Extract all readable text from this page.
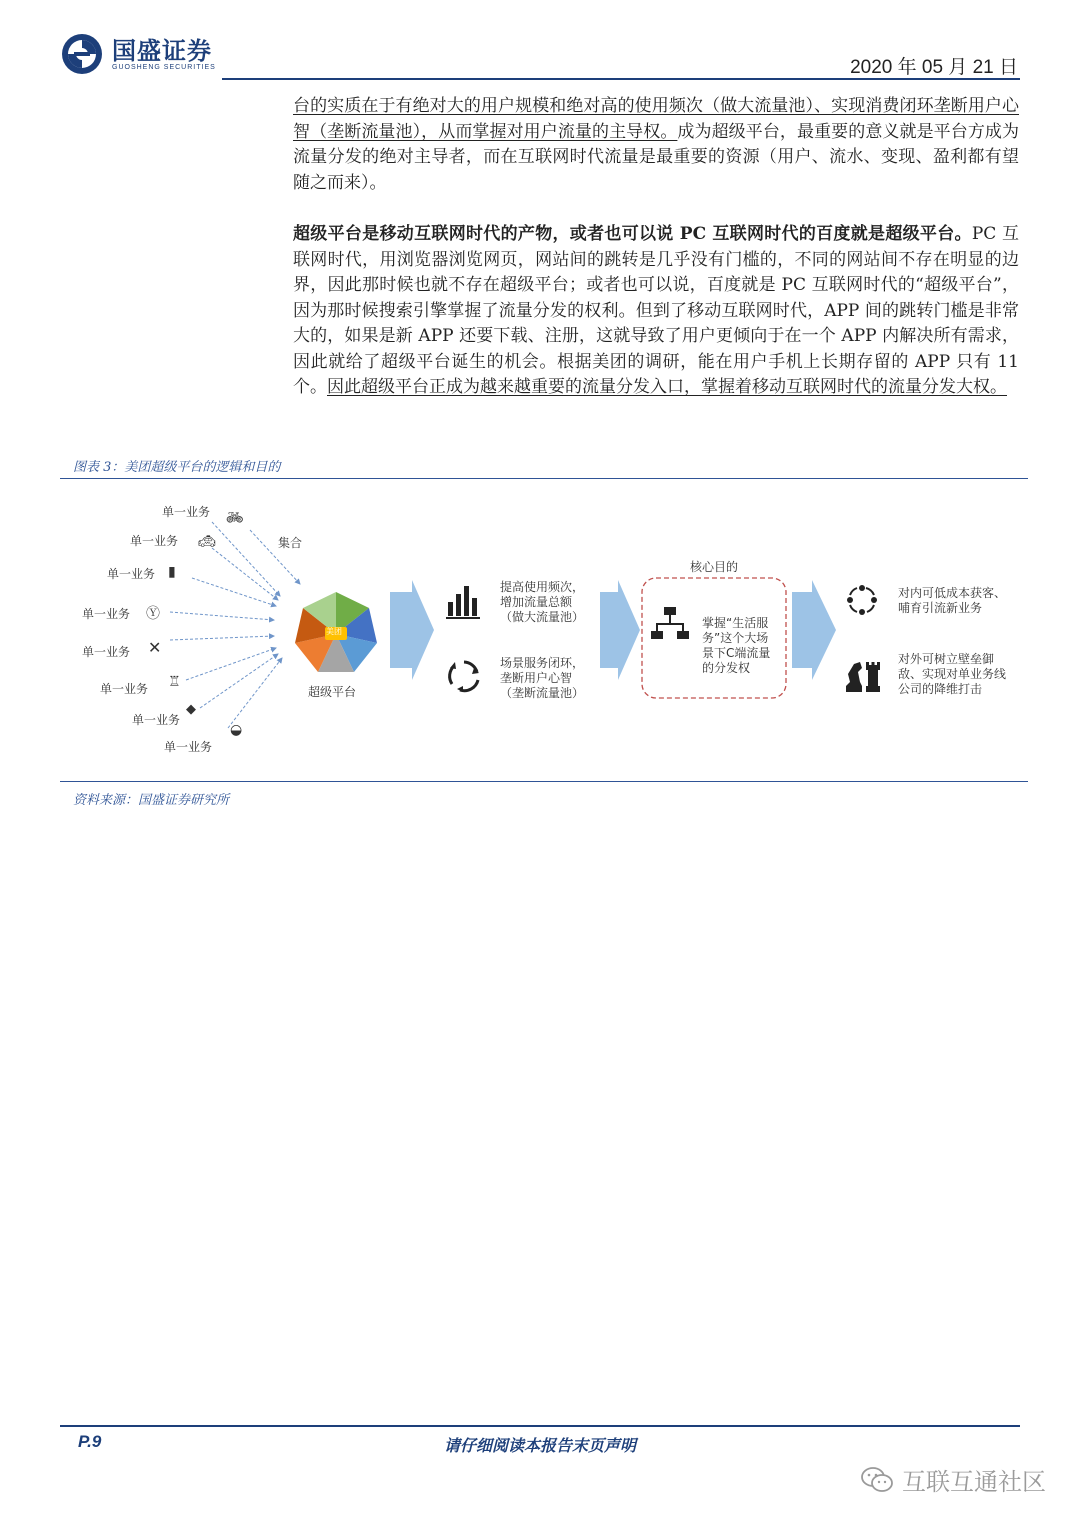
国盛证券
GUOSHENG SECURITIES	2020 年 05 月 21 日
台的实质在于有绝对大的用户规模和绝对高的使用频次（做大流量池）、实现消费闭环垄断用户心智（垄断流量池），从而掌握对用户流量的主导权。成为超级平台，最重要的意义就是平台方成为流量分发的绝对主导者，而在互联网时代流量是最重要的资源（用户、流水、变现、盈利都有望随之而来）。
超级平台是移动互联网时代的产物，或者也可以说 PC 互联网时代的百度就是超级平台。PC 互联网时代，用浏览器浏览网页，网站间的跳转是几乎没有门槛的，不同的网站间不存在明显的边界，因此那时候也就不存在超级平台；或者也可以说，百度就是 PC 互联网时代的“超级平台”，因为那时候搜索引擎掌握了流量分发的权利。但到了移动互联网时代，APP 间的跳转门槛是非常大的，如果是新 APP 还要下载、注册，这就导致了用户更倾向于在一个 APP 内解决所有需求，因此就给了超级平台诞生的机会。根据美团的调研，能在用户手机上长期存留的 APP 只有 11 个。因此超级平台正成为越来越重要的流量分发入口，掌握着移动互联网时代的流量分发大权。
图表 3：美团超级平台的逻辑和目的
单一业务
单一业务
单一业务
单一业务
单一业务
单一业务
单一业务
单一业务
🚲︎
🚕︎
▮
Ⓨ
✕
♖
◆
◒
集合
美团
超级平台
提高使用频次，增加流量总额（做大流量池）
场景服务闭环，垄断用户心智（垄断流量池）
核心目的
掌握“生活服务”这个大场景下C端流量的分发权
对内可低成本获客、哺育引流新业务
对外可树立壁垒御敌、实现对单业务线公司的降维打击
资料来源：国盛证券研究所
P.9	请仔细阅读本报告末页声明
互联互通社区
